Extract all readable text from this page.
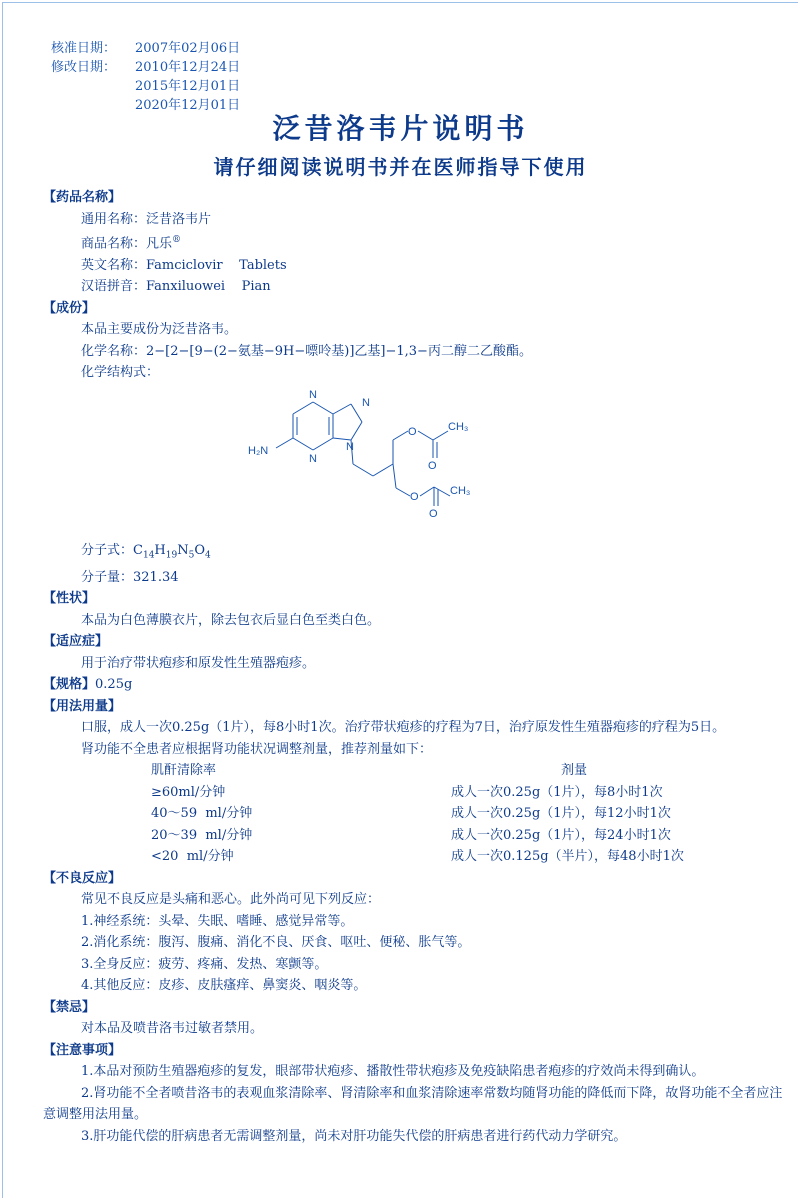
核准日期：	2007年02月06日
修改日期：	2010年12月24日
2015年12月01日
2020年12月01日
泛昔洛韦片说明书
请仔细阅读说明书并在医师指导下使用
【药品名称】
通用名称：泛昔洛韦片
商品名称：凡乐®
英文名称：Famciclovir    Tablets
汉语拼音：Fanxiluowei    Pian
【成份】
本品主要成份为泛昔洛韦。
化学名称：2−[2−[9−(2−氨基−9H−嘌呤基)]乙基]−1,3−丙二醇二乙酸酯。
化学结构式：
N
N
N
N
H₂N
O
O
O
O
CH₃
CH₃
分子式：$C_{14}H_{19}N_5O_4$
分子量：321.34
【性状】
本品为白色薄膜衣片，除去包衣后显白色至类白色。
【适应症】
用于治疗带状疱疹和原发性生殖器疱疹。
【规格】0.25g
【用法用量】
口服，成人一次0.25g（1片），每8小时1次。治疗带状疱疹的疗程为7日，治疗原发性生殖器疱疹的疗程为5日。
肾功能不全患者应根据肾功能状况调整剂量，推荐剂量如下：
肌酐清除率	剂量
≥60ml/分钟	成人一次0.25g（1片），每8小时1次
40～59  ml/分钟	成人一次0.25g（1片），每12小时1次
20～39  ml/分钟	成人一次0.25g（1片），每24小时1次
<20  ml/分钟	成人一次0.125g（半片），每48小时1次
【不良反应】
常见不良反应是头痛和恶心。此外尚可见下列反应：
1.神经系统：头晕、失眠、嗜睡、感觉异常等。
2.消化系统：腹泻、腹痛、消化不良、厌食、呕吐、便秘、胀气等。
3.全身反应：疲劳、疼痛、发热、寒颤等。
4.其他反应：皮疹、皮肤瘙痒、鼻窦炎、咽炎等。
【禁忌】
对本品及喷昔洛韦过敏者禁用。
【注意事项】
1.本品对预防生殖器疱疹的复发，眼部带状疱疹、播散性带状疱疹及免疫缺陷患者疱疹的疗效尚未得到确认。
2.肾功能不全者喷昔洛韦的表观血浆清除率、肾清除率和血浆清除速率常数均随肾功能的降低而下降，故肾功能不全者应注意调整用法用量。
3.肝功能代偿的肝病患者无需调整剂量，尚未对肝功能失代偿的肝病患者进行药代动力学研究。
